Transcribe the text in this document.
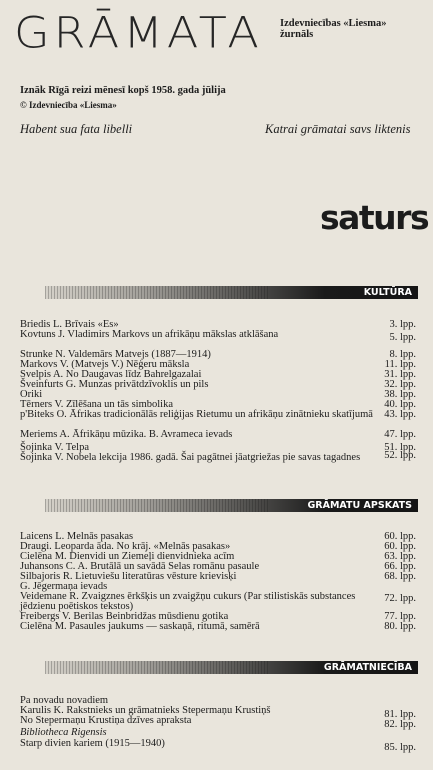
GRĀMATA Izdevniecības «Liesma»
žurnāls
Iznāk Rīgā reizi mēnesī kopš 1958. gada jūlija
© Izdevniecība «Liesma»
Habent sua fata libelli	Katrai grāmatai savs liktenis
saturs
KULTŪRA
Briedis L. Brīvais «Es»	3. lpp.
Kovtuns J. Vladimirs Markovs un afrikāņu mākslas atklāšana	5. lpp.
Strunke N. Valdemārs Matvejs (1887—1914)	8. lpp.
Markovs V. (Matvejs V.) Nēģeru māksla	11. lpp.
Svelpis A. No Daugavas līdz Bahrelgazalai	31. lpp.
Šveinfurts G. Munzas privātdzīvoklis un pils	32. lpp.
Oriki	38. lpp.
Tērners V. Zīlēšana un tās simbolika	40. lpp.
p'Biteks O. Āfrikas tradicionālās reliģijas Rietumu un afrikāņu zinātnieku skatījumā 43. lpp.
Meriems A. Āfrikāņu mūzika. B. Avrameca ievads	47. lpp.
Šojinka V. Telpa	51. lpp.
Šojinka V. Nobela lekcija 1986. gadā. Šai pagātnei jāatgriežas pie savas tagadnes	52. lpp.
GRĀMATU APSKATS
Laicens L. Melnās pasakas	60. lpp.
Draugi. Leoparda āda. No krāj. «Melnās pasakas»	60. lpp.
Cielēna M. Dienvidi un Ziemeļi dienvidnieka acīm	63. lpp.
Juhansons C. A. Brutālā un savādā Selas romānu pasaule	66. lpp.
Silbajoris R. Lietuviešu literatūras vēsture krievisķi	68. lpp.
G. Jēgermaņa ievads
Veidemane R. Zvaigznes ērkšķis un zvaigžņu cukurs (Par stilistiskās substances jēdzienu poētiskos tekstos)
72. lpp.
Freibergs V. Berilas Beinbridžas mūsdienu gotika	77. lpp.
Cielēna M. Pasaules jaukums — saskaņā, ritumā, samērā	80. lpp.
GRĀMATNIECĪBA
Pa novadu novadiem
Karulis K. Rakstnieks un grāmatnieks Stepermaņu Krustiņš	81. lpp.
No Stepermaņu Krustiņa dzīves apraksta	82. lpp.
Bibliotheca Rigensis
Starp divien kariem (1915—1940)	85. lpp.
